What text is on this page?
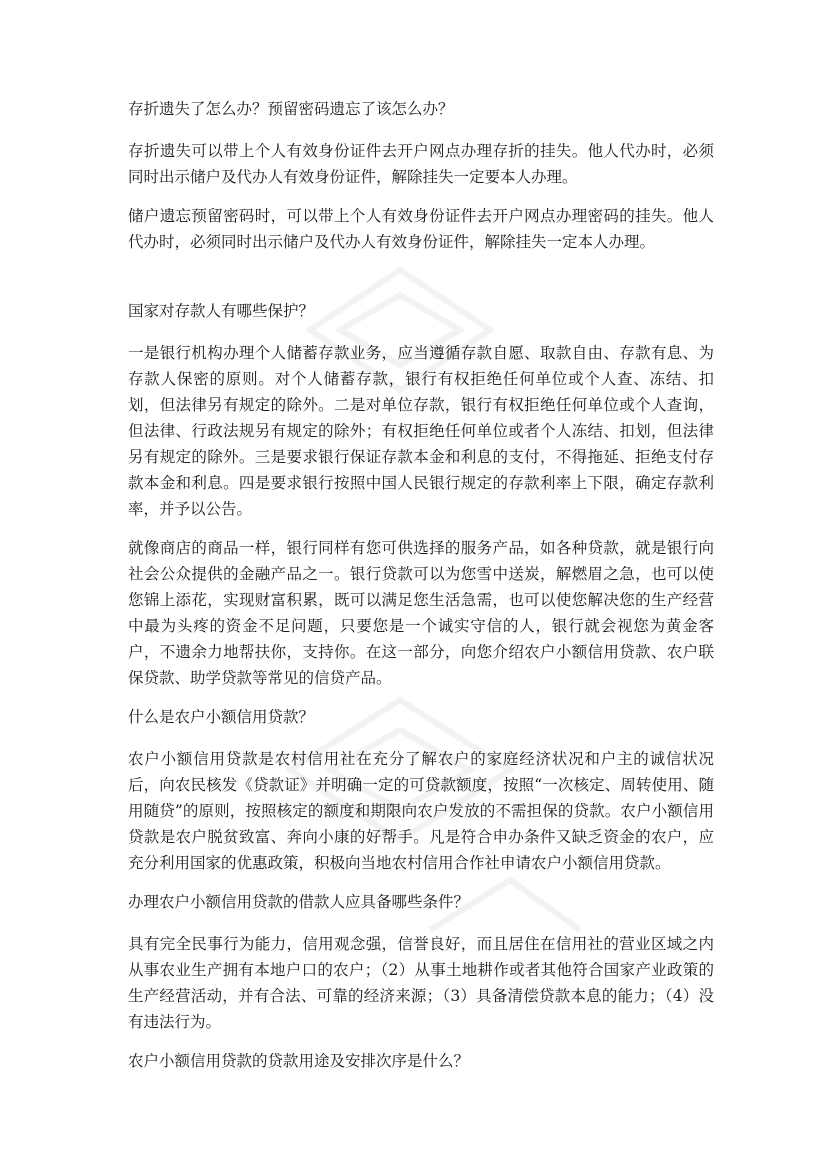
存折遗失了怎么办？预留密码遗忘了该怎么办？

存折遗失可以带上个人有效身份证件去开户网点办理存折的挂失。他人代办时，必须同时出示储户及代办人有效身份证件，解除挂失一定要本人办理。

储户遗忘预留密码时，可以带上个人有效身份证件去开户网点办理密码的挂失。他人代办时，必须同时出示储户及代办人有效身份证件，解除挂失一定本人办理。

国家对存款人有哪些保护？

一是银行机构办理个人储蓄存款业务，应当遵循存款自愿、取款自由、存款有息、为存款人保密的原则。对个人储蓄存款，银行有权拒绝任何单位或个人查、冻结、扣划，但法律另有规定的除外。二是对单位存款，银行有权拒绝任何单位或个人查询，但法律、行政法规另有规定的除外；有权拒绝任何单位或者个人冻结、扣划，但法律另有规定的除外。三是要求银行保证存款本金和利息的支付，不得拖延、拒绝支付存款本金和利息。四是要求银行按照中国人民银行规定的存款利率上下限，确定存款利率，并予以公告。

就像商店的商品一样，银行同样有您可供选择的服务产品，如各种贷款，就是银行向社会公众提供的金融产品之一。银行贷款可以为您雪中送炭，解燃眉之急，也可以使您锦上添花，实现财富积累，既可以满足您生活急需，也可以使您解决您的生产经营中最为头疼的资金不足问题，只要您是一个诚实守信的人，银行就会视您为黄金客户，不遗余力地帮扶你，支持你。在这一部分，向您介绍农户小额信用贷款、农户联保贷款、助学贷款等常见的信贷产品。

什么是农户小额信用贷款？

农户小额信用贷款是农村信用社在充分了解农户的家庭经济状况和户主的诚信状况后，向农民核发《贷款证》并明确一定的可贷款额度，按照“一次核定、周转使用、随用随贷”的原则，按照核定的额度和期限向农户发放的不需担保的贷款。农户小额信用贷款是农户脱贫致富、奔向小康的好帮手。凡是符合申办条件又缺乏资金的农户，应充分利用国家的优惠政策，积极向当地农村信用合作社申请农户小额信用贷款。

办理农户小额信用贷款的借款人应具备哪些条件？

具有完全民事行为能力，信用观念强，信誉良好，而且居住在信用社的营业区域之内从事农业生产拥有本地户口的农户；（2）从事土地耕作或者其他符合国家产业政策的生产经营活动，并有合法、可靠的经济来源；（3）具备清偿贷款本息的能力；（4）没有违法行为。

农户小额信用贷款的贷款用途及安排次序是什么？
